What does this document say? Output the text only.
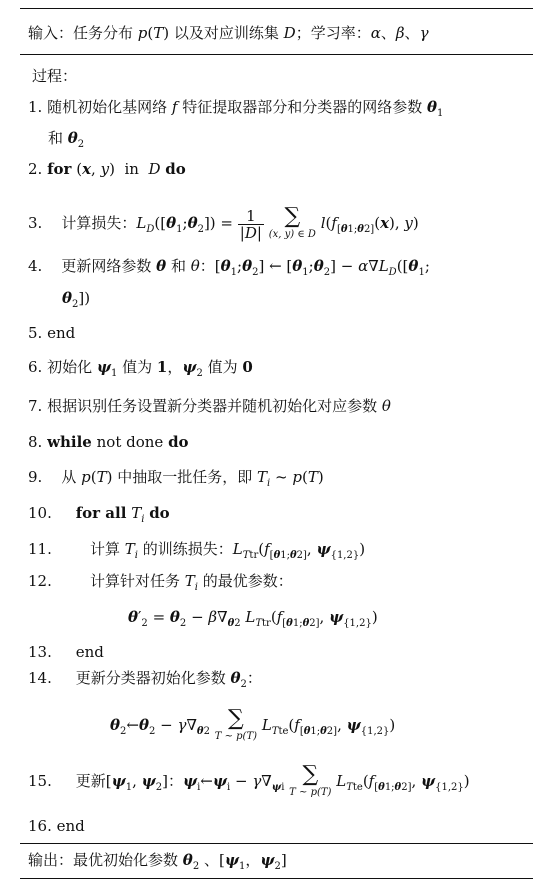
输入：任务分布 p(T) 以及对应训练集 D；学习率：α、β、γ
过程：
1. 随机初始化基网络 f 特征提取器部分和分类器的网络参数 $\theta_1$
和 $\theta_2$
2. for (x, y)  in  D do
3.    计算损失：$L_D([\theta_1;\theta_2]) = \frac{1}{|D|}$
∑
(x, y) ∈ D
$l(f_{[\theta 1;\theta 2]}(x)$, y)
4.    更新网络参数 θ 和 θ：$[\theta_1;\theta_2]$ ← $[\theta_1;\theta_2] - \alpha\nabla L_D([\theta_1$;
$\theta_2$])
5. end
6. 初始化 $\psi_1$ 值为 1，$\psi_2$ 值为 0
7. 根据识别任务设置新分类器并随机初始化对应参数 θ
8. while not done do
9.    从 p(T) 中抽取一批任务，即 $T_i$ ~ p(T)
10.     for all $T_i$ do
11.        计算 $T_i$ 的训练损失：$L_{Ttr}(f_{[\theta 1;\theta 2]}$, $\psi_{\{1,2\}}$)
12.        计算针对任务 $T_i$ 的最优参数：
$\theta'_2 = \theta_2 - \beta\nabla_{\theta 2}$ $L_{Ttr}(f_{[\theta 1;\theta 2]}$, $\psi_{\{1,2\}}$)
13.     end
14.     更新分类器初始化参数 $\theta_2$：
$\theta_2\leftarrow\theta_2 - \gamma\nabla_{\theta 2}$
∑
T ~ p(T)
$L_{Tte}(f_{[\theta 1;\theta 2]}$, $\psi_{\{1,2\}}$)
15.     更新[$\psi_1$, $\psi_2$]：$\psi_i\leftarrow\psi_i - \gamma\nabla_{\psi i}$
∑
T ~ p(T)
$L_{Tte}(f_{[\theta 1;\theta 2]}$, $\psi_{\{1,2\}}$)
16. end
输出：最优初始化参数 $\theta_2$ 、[$\psi_1$，$\psi_2$]
